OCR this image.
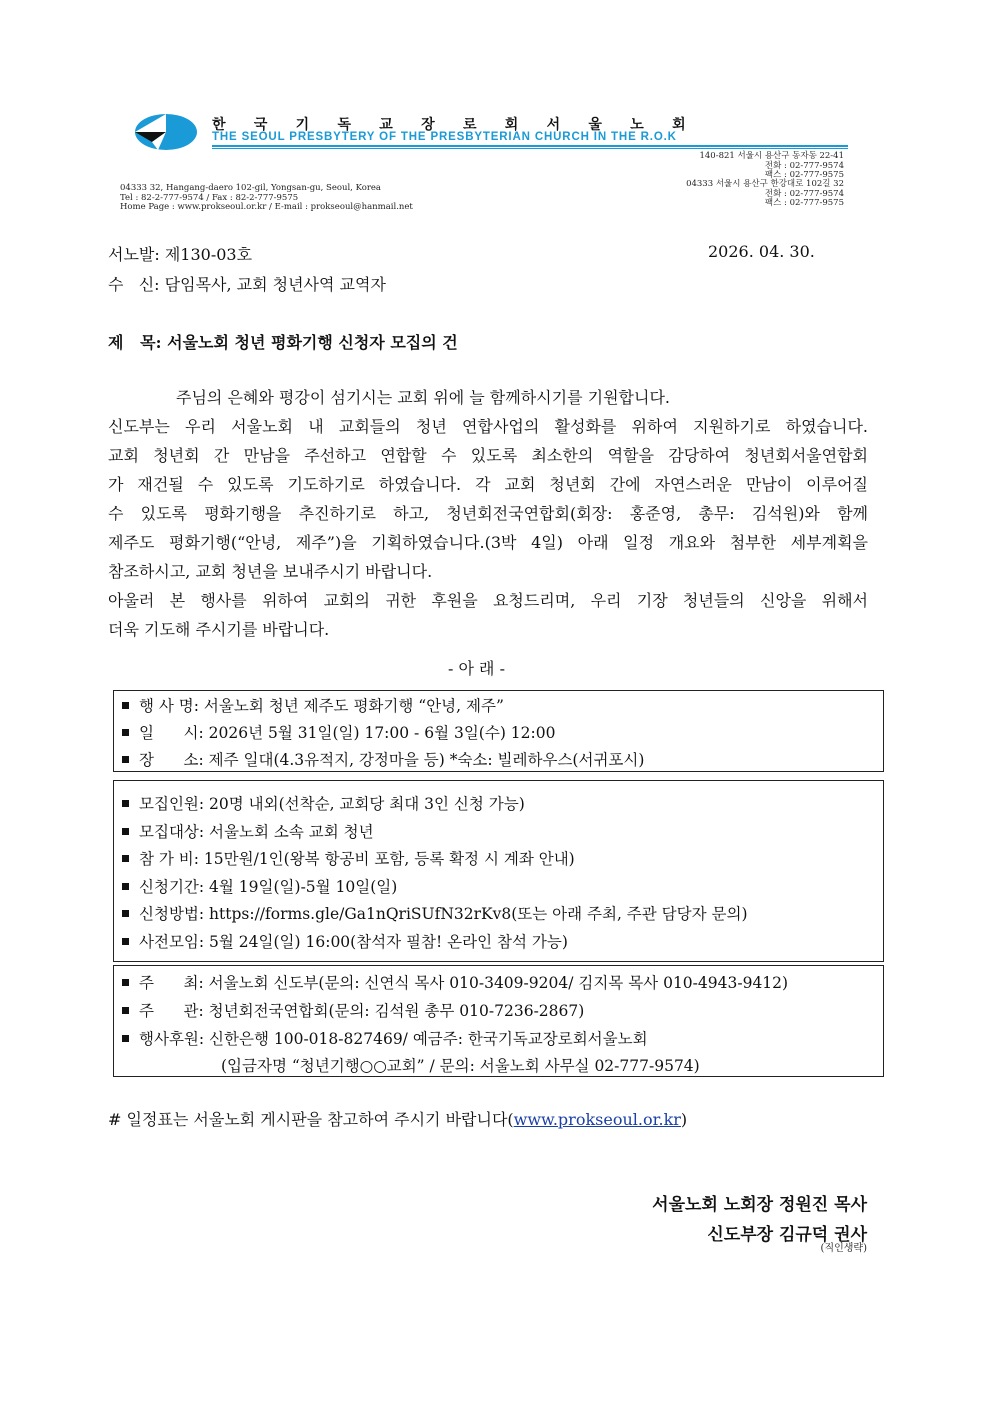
한국기독교장로회서울노회
THE SEOUL PRESBYTERY OF THE PRESBYTERIAN CHURCH IN THE R.O.K
140-821 서울시 용산구 동자동 22-41
전화 : 02-777-9574
팩스 : 02-777-9575
04333 서울시 용산구 한강대로 102길 32
전화 : 02-777-9574
팩스 : 02-777-9575
04333 32, Hangang-daero 102-gil, Yongsan-gu, Seoul, Korea
Tel : 82-2-777-9574 / Fax : 82-2-777-9575
Home Page : www.prokseoul.or.kr / E-mail : prokseoul@hanmail.net
서노발: 제130-03호	2026. 04. 30.
수   신: 담임목사, 교회 청년사역 교역자
제   목: 서울노회 청년 평화기행 신청자 모집의 건
주님의 은혜와 평강이 섬기시는 교회 위에 늘 함께하시기를 기원합니다.
신도부는 우리 서울노회 내 교회들의 청년 연합사업의 활성화를 위하여 지원하기로 하였습니다.
교회 청년회 간 만남을 주선하고 연합할 수 있도록 최소한의 역할을 감당하여 청년회서울연합회
가 재건될 수 있도록 기도하기로 하였습니다. 각 교회 청년회 간에 자연스러운 만남이 이루어질
수 있도록 평화기행을 추진하기로 하고, 청년회전국연합회(회장: 홍준영, 총무: 김석원)와 함께
제주도 평화기행(“안녕, 제주”)을 기획하였습니다.(3박 4일) 아래 일정 개요와 첨부한 세부계획을
참조하시고, 교회 청년을 보내주시기 바랍니다.
아울러 본 행사를 위하여 교회의 귀한 후원을 요청드리며, 우리 기장 청년들의 신앙을 위해서
더욱 기도해 주시기를 바랍니다.
- 아 래 -
행 사 명: 서울노회 청년 제주도 평화기행 “안녕, 제주”
일      시: 2026년 5월 31일(일) 17:00 - 6월 3일(수) 12:00
장      소: 제주 일대(4.3유적지, 강정마을 등) *숙소: 빌레하우스(서귀포시)
모집인원: 20명 내외(선착순, 교회당 최대 3인 신청 가능)
모집대상: 서울노회 소속 교회 청년
참 가 비: 15만원/1인(왕복 항공비 포함, 등록 확정 시 계좌 안내)
신청기간: 4월 19일(일)-5월 10일(일)
신청방법: https://forms.gle/Ga1nQriSUfN32rKv8(또는 아래 주최, 주관 담당자 문의)
사전모임: 5월 24일(일) 16:00(참석자 필참! 온라인 참석 가능)
주      최: 서울노회 신도부(문의: 신연식 목사 010-3409-9204/ 김지목 목사 010-4943-9412)
주      관: 청년회전국연합회(문의: 김석원 총무 010-7236-2867)
행사후원: 신한은행 100-018-827469/ 예금주: 한국기독교장로회서울노회
(입금자명 “청년기행○○교회” / 문의: 서울노회 사무실 02-777-9574)
# 일정표는 서울노회 게시판을 참고하여 주시기 바랍니다(www.prokseoul.or.kr)
서울노회 노회장 정원진 목사
신도부장 김규덕 권사
(직인생략)
